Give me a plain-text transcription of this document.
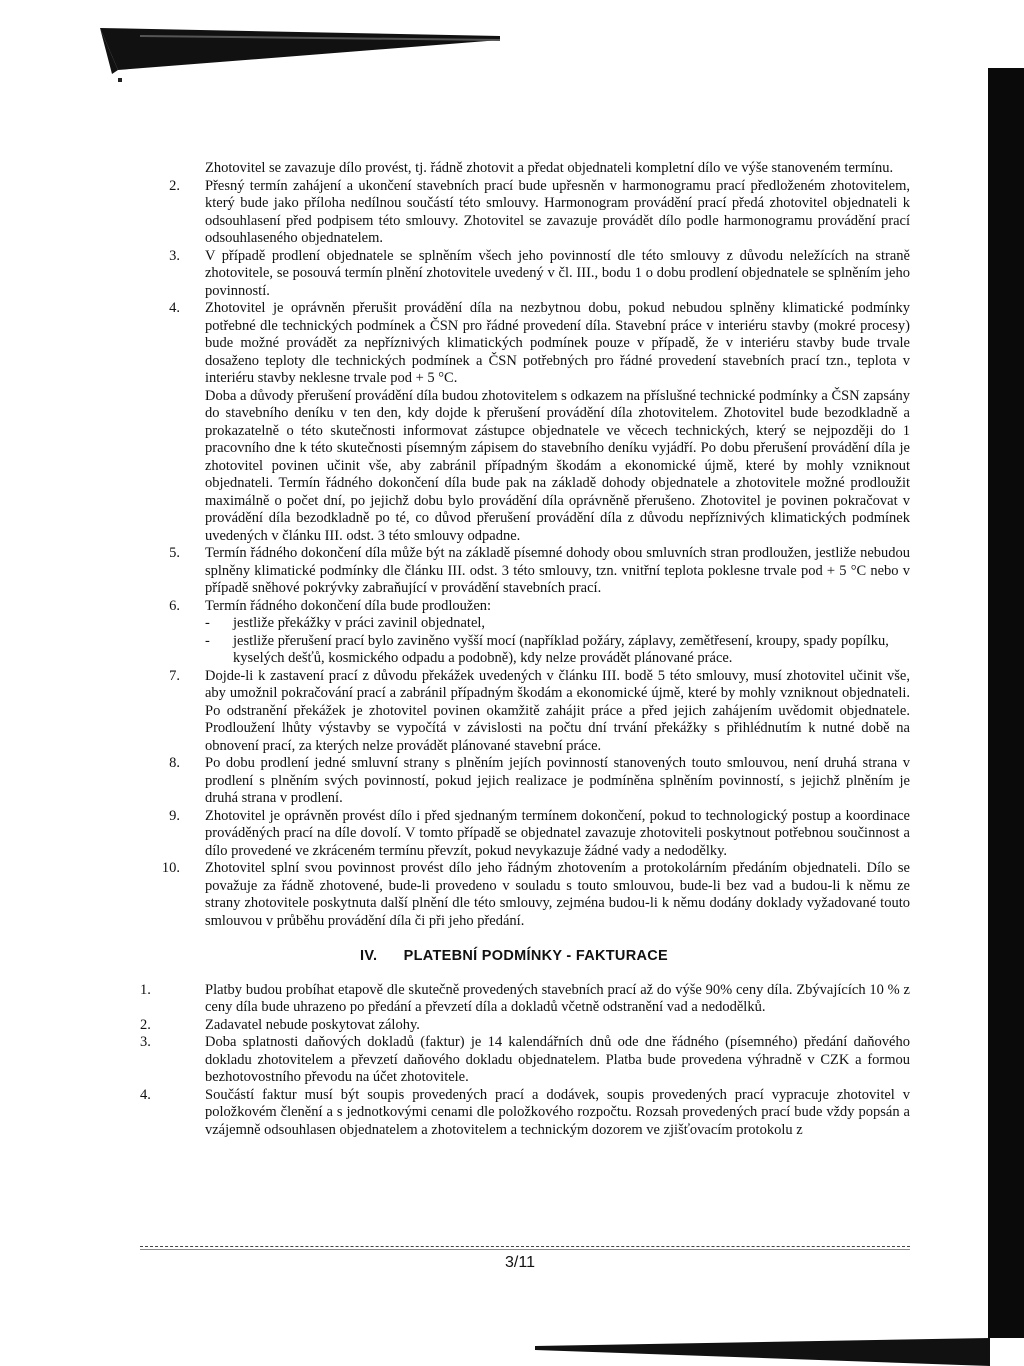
Zhotovitel se zavazuje dílo provést, tj. řádně zhotovit a předat objednateli kompletní dílo ve výše stanoveném termínu.

2. Přesný termín zahájení a ukončení stavebních prací bude upřesněn v harmonogramu prací předloženém zhotovitelem, který bude jako příloha nedílnou součástí této smlouvy. Harmonogram provádění prací předá zhotovitel objednateli k odsouhlasení před podpisem této smlouvy. Zhotovitel se zavazuje provádět dílo podle harmonogramu provádění prací odsouhlaseného objednatelem.
3. V případě prodlení objednatele se splněním všech jeho povinností dle této smlouvy z důvodu neležících na straně zhotovitele, se posouvá termín plnění zhotovitele uvedený v čl. III., bodu 1 o dobu prodlení objednatele se splněním jeho povinností.
4. Zhotovitel je oprávněn přerušit provádění díla na nezbytnou dobu, pokud nebudou splněny klimatické podmínky potřebné dle technických podmínek a ČSN pro řádné provedení díla. Stavební práce v interiéru stavby (mokré procesy) bude možné provádět za nepříznivých klimatických podmínek pouze v případě, že v interiéru stavby bude trvale dosaženo teploty dle technických podmínek a ČSN potřebných pro řádné provedení stavebních prací tzn., teplota v interiéru stavby neklesne trvale pod + 5 °C.
Doba a důvody přerušení provádění díla budou zhotovitelem s odkazem na příslušné technické podmínky a ČSN zapsány do stavebního deníku v ten den, kdy dojde k přerušení provádění díla zhotovitelem. Zhotovitel bude bezodkladně a prokazatelně o této skutečnosti informovat zástupce objednatele ve věcech technických, který se nejpozději do 1 pracovního dne k této skutečnosti písemným zápisem do stavebního deníku vyjádří. Po dobu přerušení provádění díla je zhotovitel povinen učinit vše, aby zabránil případným škodám a ekonomické újmě, které by mohly vzniknout objednateli. Termín řádného dokončení díla bude pak na základě dohody objednatele a zhotovitele možné prodloužit maximálně o počet dní, po jejichž dobu bylo provádění díla oprávněně přerušeno. Zhotovitel je povinen pokračovat v provádění díla bezodkladně po té, co důvod přerušení provádění díla z důvodu nepříznivých klimatických podmínek uvedených v článku III. odst. 3 této smlouvy odpadne.
5. Termín řádného dokončení díla může být na základě písemné dohody obou smluvních stran prodloužen, jestliže nebudou splněny klimatické podmínky dle článku III. odst. 3 této smlouvy, tzn. vnitřní teplota poklesne trvale pod + 5 °C nebo v případě sněhové pokrývky zabraňující v provádění stavebních prací.
6. Termín řádného dokončení díla bude prodloužen:
- jestliže překážky v práci zavinil objednatel,
- jestliže přerušení prací bylo zaviněno vyšší mocí (například požáry, záplavy, zemětřesení, kroupy, spady popílku, kyselých dešťů, kosmického odpadu a podobně), kdy nelze provádět plánované práce.
7. Dojde-li k zastavení prací z důvodu překážek uvedených v článku III. bodě 5 této smlouvy, musí zhotovitel učinit vše, aby umožnil pokračování prací a zabránil případným škodám a ekonomické újmě, které by mohly vzniknout objednateli. Po odstranění překážek je zhotovitel povinen okamžitě zahájit práce a před jejich zahájením uvědomit objednatele. Prodloužení lhůty výstavby se vypočítá v závislosti na počtu dní trvání překážky s přihlédnutím k nutné době na obnovení prací, za kterých nelze provádět plánované stavební práce.
8. Po dobu prodlení jedné smluvní strany s plněním jejích povinností stanovených touto smlouvou, není druhá strana v prodlení s plněním svých povinností, pokud jejich realizace je podmíněna splněním povinností, s jejichž plněním je druhá strana v prodlení.
9. Zhotovitel je oprávněn provést dílo i před sjednaným termínem dokončení, pokud to technologický postup a koordinace prováděných prací na díle dovolí. V tomto případě se objednatel zavazuje zhotoviteli poskytnout potřebnou součinnost a dílo provedené ve zkráceném termínu převzít, pokud nevykazuje žádné vady a nedodělky.
10. Zhotovitel splní svou povinnost provést dílo jeho řádným zhotovením a protokolárním předáním objednateli. Dílo se považuje za řádně zhotovené, bude-li provedeno v souladu s touto smlouvou, bude-li bez vad a budou-li k němu ze strany zhotovitele poskytnuta další plnění dle této smlouvy, zejména budou-li k němu dodány doklady vyžadované touto smlouvou v průběhu provádění díla či při jeho předání.
IV. PLATEBNÍ PODMÍNKY - FAKTURACE
1.	Platby budou probíhat etapově dle skutečně provedených stavebních prací až do výše 90% ceny díla. Zbývajících 10 % z ceny díla bude uhrazeno po předání a převzetí díla a dokladů včetně odstranění vad a nedodělků.
2.	Zadavatel nebude poskytovat zálohy.
3.	Doba splatnosti daňových dokladů (faktur) je 14 kalendářních dnů ode dne řádného (písemného) předání daňového dokladu zhotovitelem a převzetí daňového dokladu objednatelem. Platba bude provedena výhradně v CZK a formou bezhotovostního převodu na účet zhotovitele.
4.	Součástí faktur musí být soupis provedených prací a dodávek, soupis provedených prací vypracuje zhotovitel v položkovém členění a s jednotkovými cenami dle položkového rozpočtu. Rozsah provedených prací bude vždy popsán a vzájemně odsouhlasen objednatelem a zhotovitelem a technickým dozorem ve zjišťovacím protokolu z
3/11
